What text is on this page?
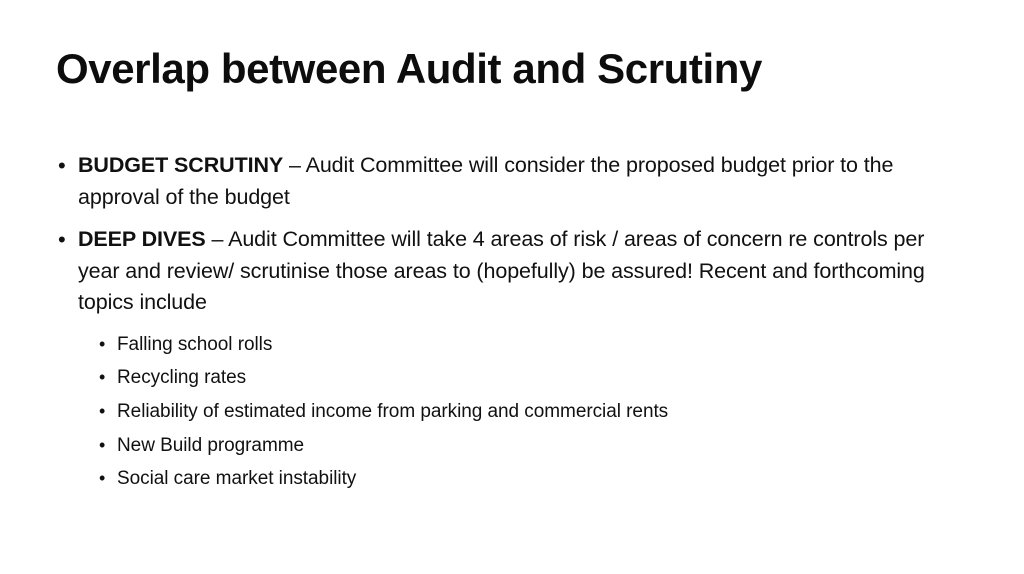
Overlap between Audit and Scrutiny
• BUDGET SCRUTINY – Audit Committee will consider the proposed budget prior to the approval of the budget
• DEEP DIVES – Audit Committee will take 4 areas of risk / areas of concern re controls per year and review/ scrutinise those areas to (hopefully) be assured! Recent and forthcoming topics include
• Falling school rolls
• Recycling rates
• Reliability of estimated income from parking and commercial rents
• New Build programme
• Social care market instability
